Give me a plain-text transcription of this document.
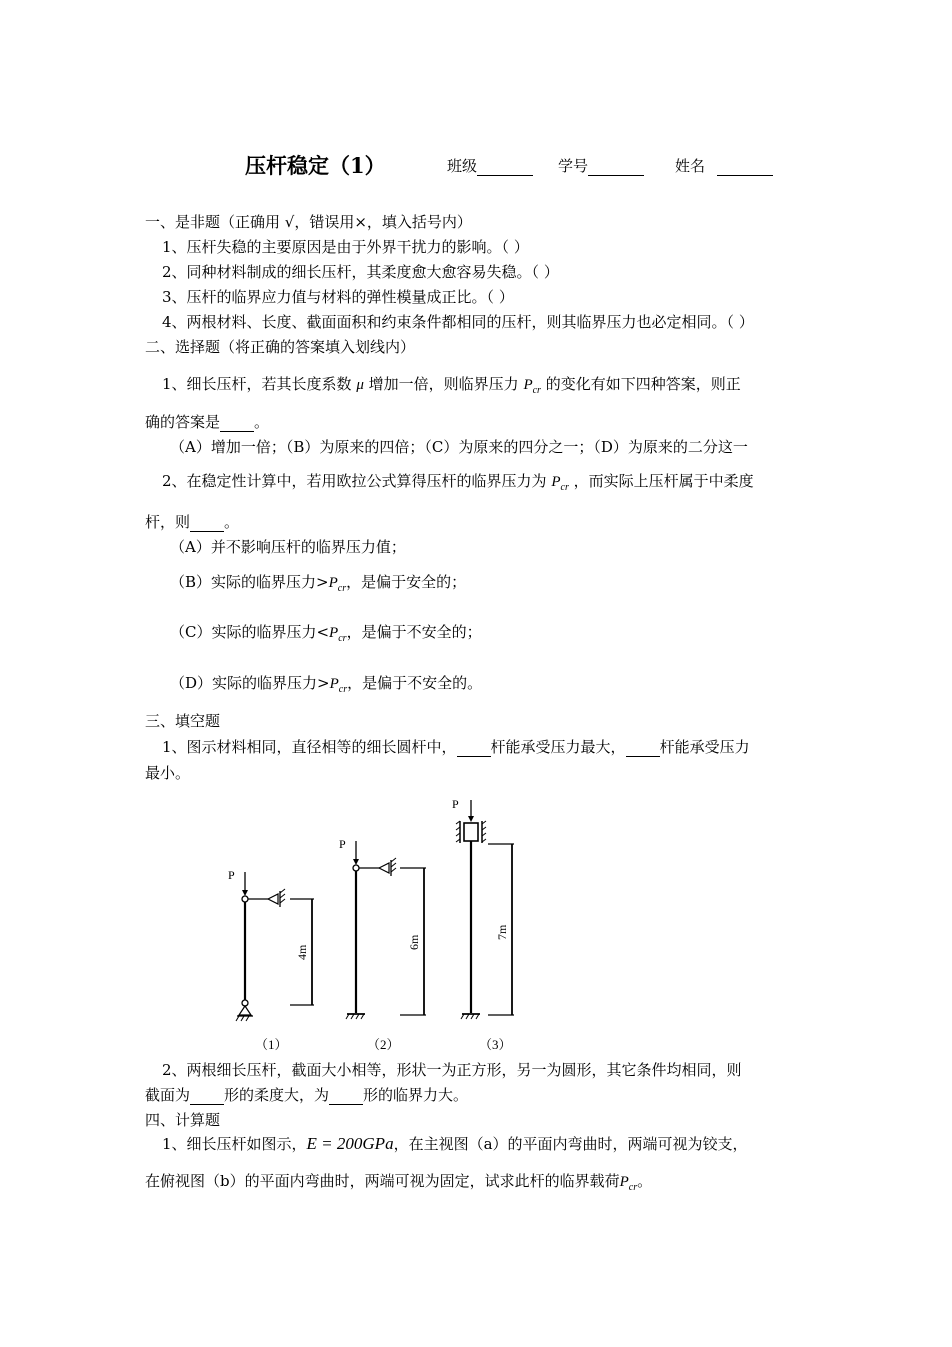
压杆稳定（1）	班级	学号	姓名
一、是非题（正确用 √，错误用×，填入括号内）
1、压杆失稳的主要原因是由于外界干扰力的影响。（ ）
2、同种材料制成的细长压杆，其柔度愈大愈容易失稳。（ ）
3、压杆的临界应力值与材料的弹性模量成正比。（ ）
4、两根材料、长度、截面面积和约束条件都相同的压杆，则其临界压力也必定相同。（ ）
二、选择题（将正确的答案填入划线内）
1、细长压杆，若其长度系数 μ 增加一倍，则临界压力 $P_{cr}$ 的变化有如下四种答案，则正
确的答案是 。
（A）增加一倍；（B）为原来的四倍；（C）为原来的四分之一；（D）为原来的二分这一
2、在稳定性计算中，若用欧拉公式算得压杆的临界压力为 $P_{cr}$ ，而实际上压杆属于中柔度
杆，则 。
（A）并不影响压杆的临界压力值；
（B）实际的临界压力$>P_{cr}$，是偏于安全的；
（C）实际的临界压力$<P_{cr}$，是偏于不安全的；
（D）实际的临界压力$>P_{cr}$，是偏于不安全的。
三、填空题
1、图示材料相同，直径相等的细长圆杆中， 杆能承受压力最大， 杆能承受压力
最小。
P
4m
（1）
P
6m
（2）
P
7m
（3）
2、两根细长压杆，截面大小相等，形状一为正方形，另一为圆形，其它条件均相同，则
截面为 形的柔度大，为 形的临界力大。
四、计算题
1、细长压杆如图示，E = 200GPa，在主视图（a）的平面内弯曲时，两端可视为铰支，
在俯视图（b）的平面内弯曲时，两端可视为固定，试求此杆的临界载荷$P_{cr}$。
